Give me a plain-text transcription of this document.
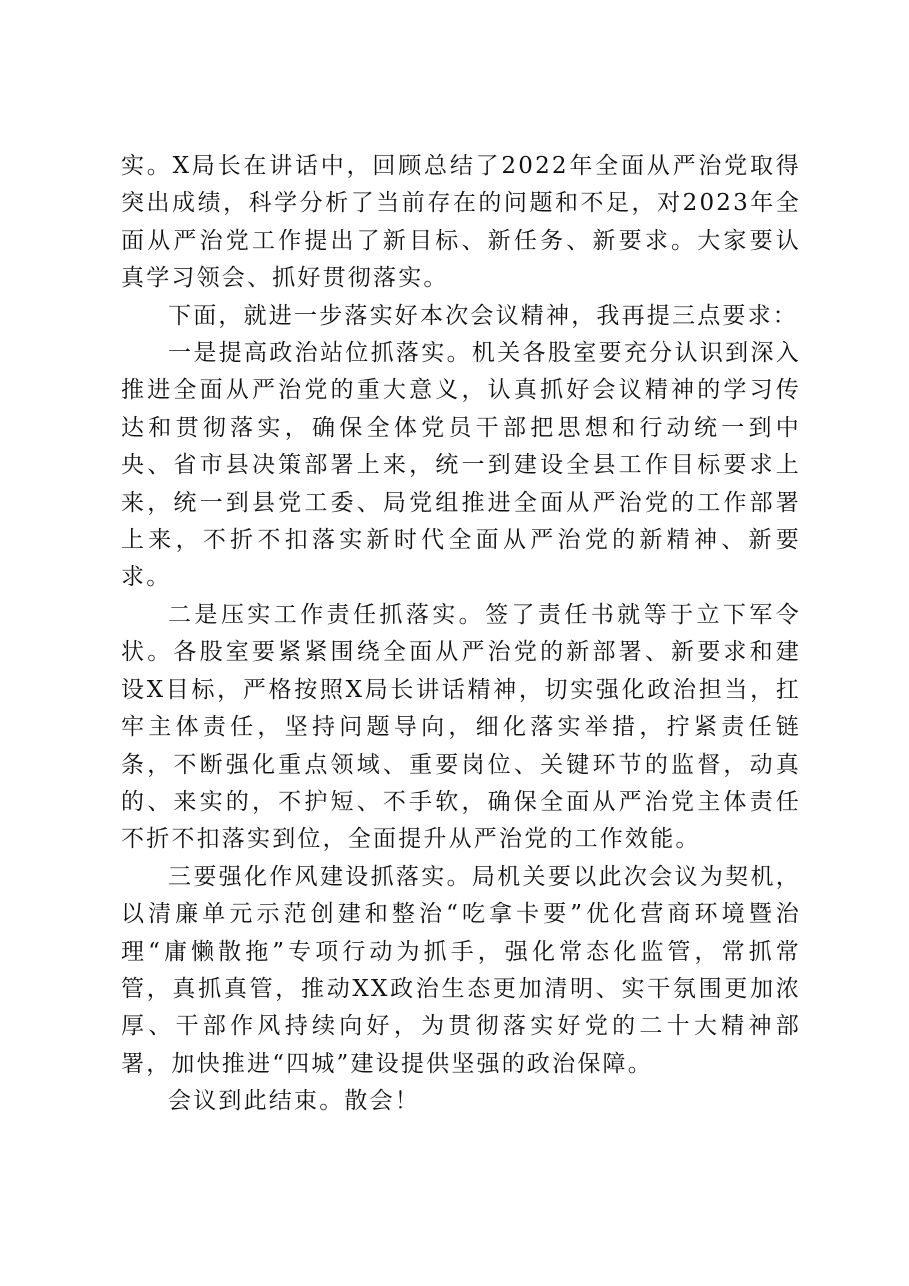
实。X局长在讲话中，回顾总结了2022年全面从严治党取得突出成绩，科学分析了当前存在的问题和不足，对2023年全面从严治党工作提出了新目标、新任务、新要求。大家要认真学习领会、抓好贯彻落实。

下面，就进一步落实好本次会议精神，我再提三点要求：

一是提高政治站位抓落实。机关各股室要充分认识到深入推进全面从严治党的重大意义，认真抓好会议精神的学习传达和贯彻落实，确保全体党员干部把思想和行动统一到中央、省市县决策部署上来，统一到建设全县工作目标要求上来，统一到县党工委、局党组推进全面从严治党的工作部署上来，不折不扣落实新时代全面从严治党的新精神、新要求。

二是压实工作责任抓落实。签了责任书就等于立下军令状。各股室要紧紧围绕全面从严治党的新部署、新要求和建设X目标，严格按照X局长讲话精神，切实强化政治担当，扛牢主体责任，坚持问题导向，细化落实举措，拧紧责任链条，不断强化重点领域、重要岗位、关键环节的监督，动真的、来实的，不护短、不手软，确保全面从严治党主体责任不折不扣落实到位，全面提升从严治党的工作效能。

三要强化作风建设抓落实。局机关要以此次会议为契机，以清廉单元示范创建和整治“吃拿卡要”优化营商环境暨治理“庸懒散拖”专项行动为抓手，强化常态化监管，常抓常管，真抓真管，推动XX政治生态更加清明、实干氛围更加浓厚、干部作风持续向好，为贯彻落实好党的二十大精神部署，加快推进“四城”建设提供坚强的政治保障。

会议到此结束。散会！
